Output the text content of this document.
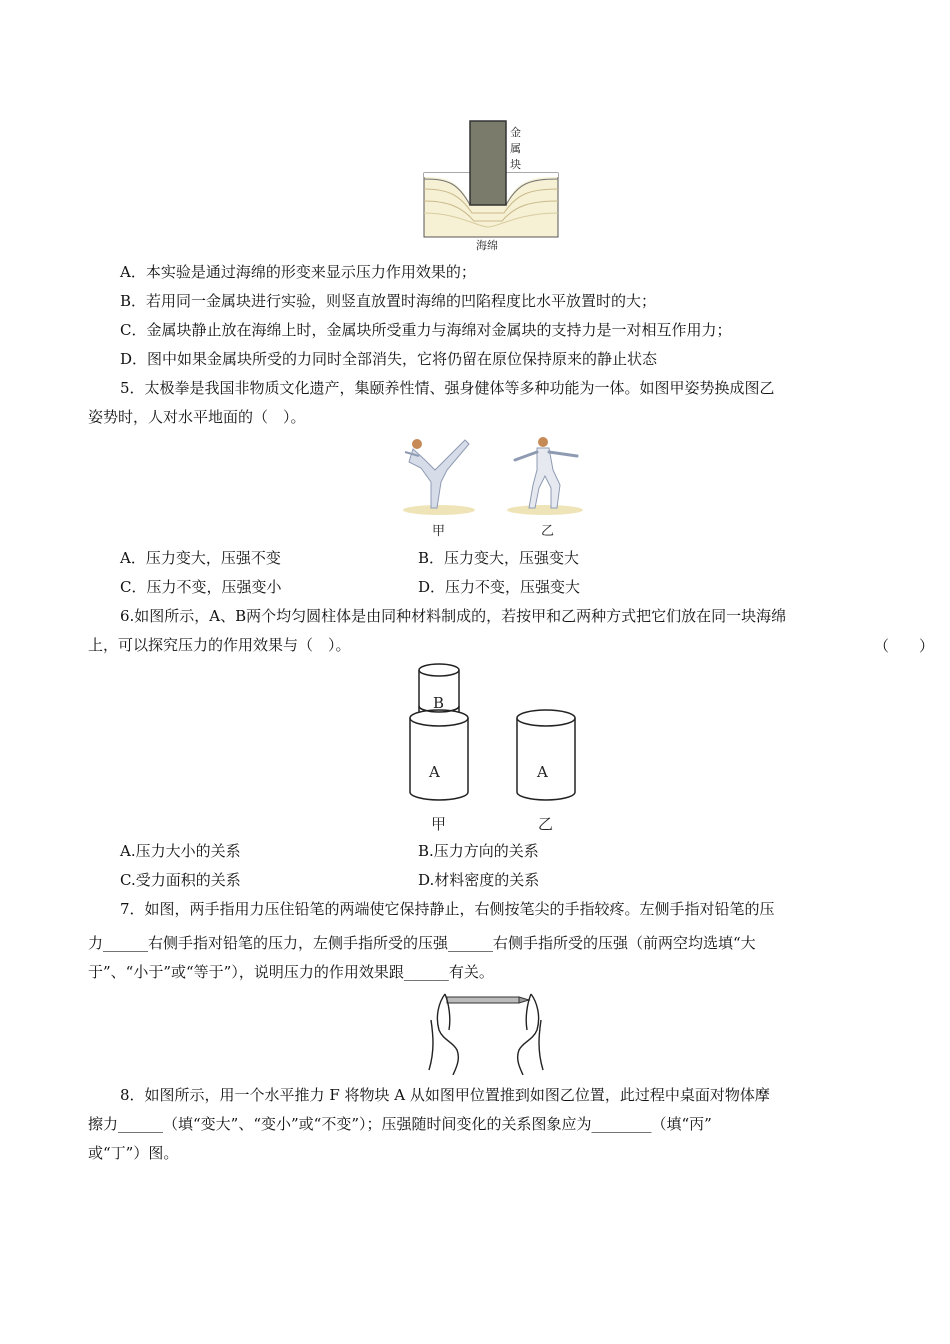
金属块
海绵
A．本实验是通过海绵的形变来显示压力作用效果的；
B．若用同一金属块进行实验，则竖直放置时海绵的凹陷程度比水平放置时的大；
C．金属块静止放在海绵上时，金属块所受重力与海绵对金属块的支持力是一对相互作用力；
D．图中如果金属块所受的力同时全部消失，它将仍留在原位保持原来的静止状态
5．太极拳是我国非物质文化遗产，集颐养性情、强身健体等多种功能为一体。如图甲姿势换成图乙
姿势时，人对水平地面的（　）。
甲	乙
A．压力变大，压强不变	B．压力变大，压强变大
C．压力不变，压强变小	D．压力不变，压强变大
6.如图所示，A、B两个均匀圆柱体是由同种材料制成的，若按甲和乙两种方式把它们放在同一块海绵
上，可以探究压力的作用效果与（　）。	（　　）
B
A	A
甲	乙
A.压力大小的关系	B.压力方向的关系
C.受力面积的关系	D.材料密度的关系
7．如图，两手指用力压住铅笔的两端使它保持静止，右侧按笔尖的手指较疼。左侧手指对铅笔的压
力______右侧手指对铅笔的压力，左侧手指所受的压强______右侧手指所受的压强（前两空均选填“大
于”、“小于”或“等于”），说明压力的作用效果跟______有关。
8．如图所示，用一个水平推力 F 将物块 A 从如图甲位置推到如图乙位置，此过程中桌面对物体摩
擦力______（填“变大”、“变小”或“不变”）；压强随时间变化的关系图象应为________（填“丙”
或“丁”）图。
